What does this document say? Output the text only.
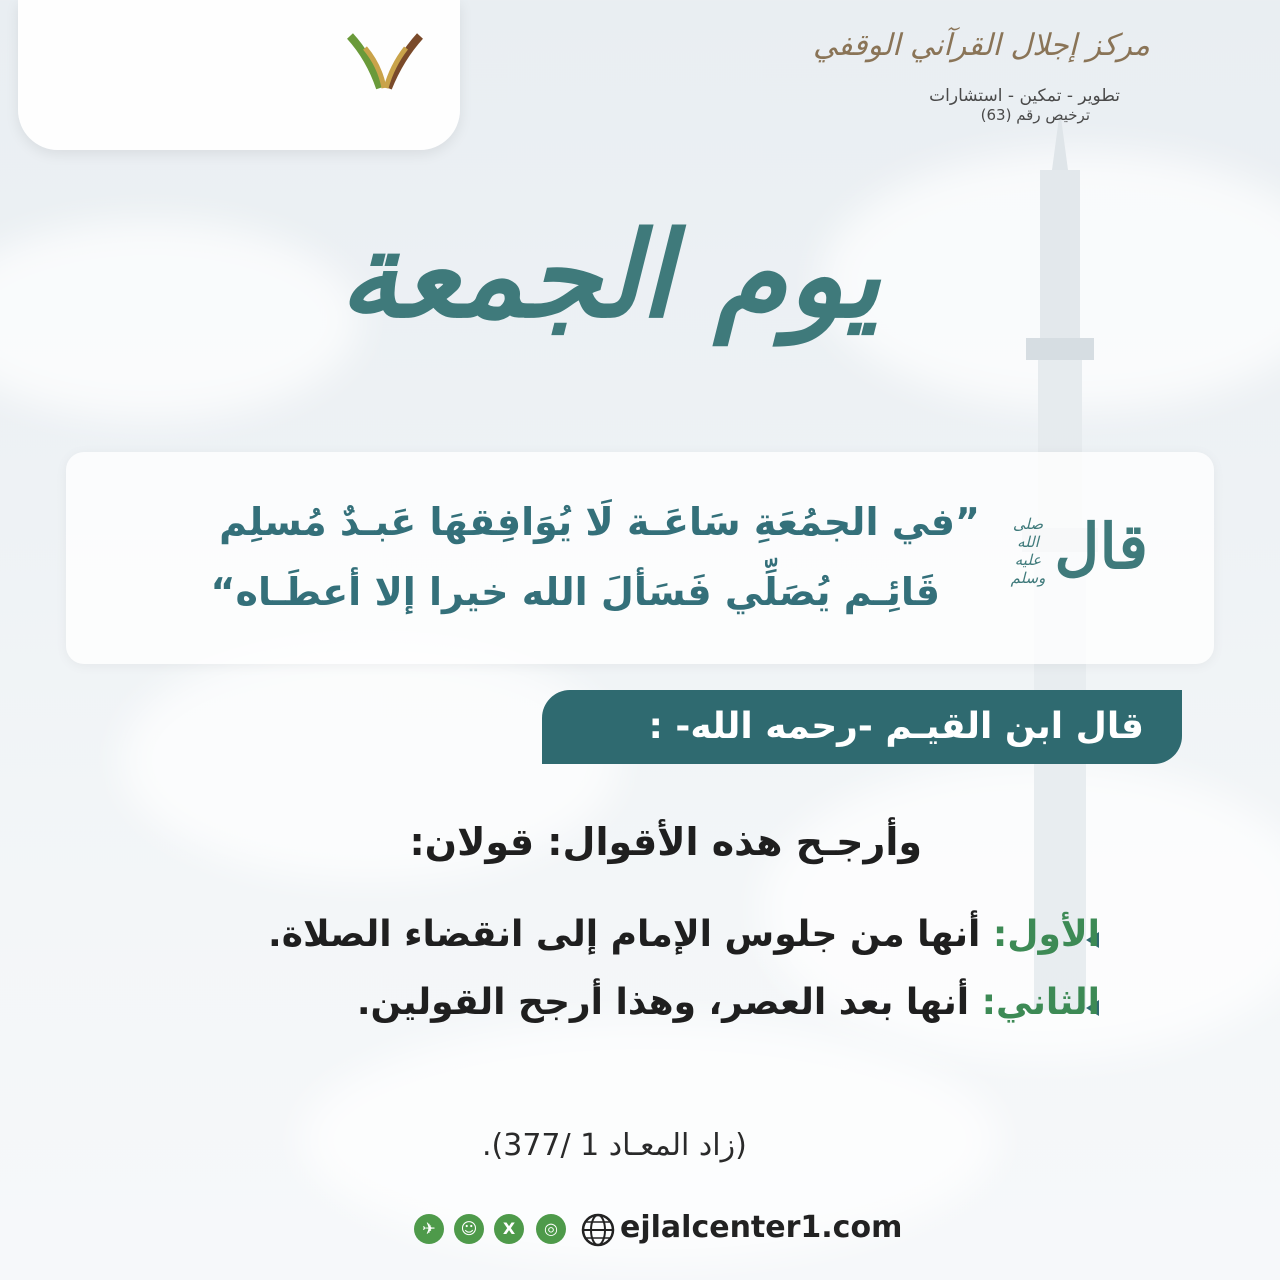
مركز إجلال القرآني الوقفي
تطوير - تمكين - استشارات
ترخيص رقم (63)
يوم الجمعة
قال
صلى الله عليه وسلم
”في الجمُعَةِ سَاعَـة لَا يُوَافِقهَا عَبـدٌ مُسلِم
قَائِـم يُصَلِّي فَسَألَ الله خيرا إلا أعطَـاه“
قال ابن القيـم -رحمه الله- :
وأرجـح هذه الأقوال: قولان:
الأول: أنها من جلوس الإمام إلى انقضاء الصلاة.
الثاني: أنها بعد العصر، وهذا أرجح القولين.
(زاد المعـاد 1 /377).
✈	☺	X	◎ ejlalcenter1.com
